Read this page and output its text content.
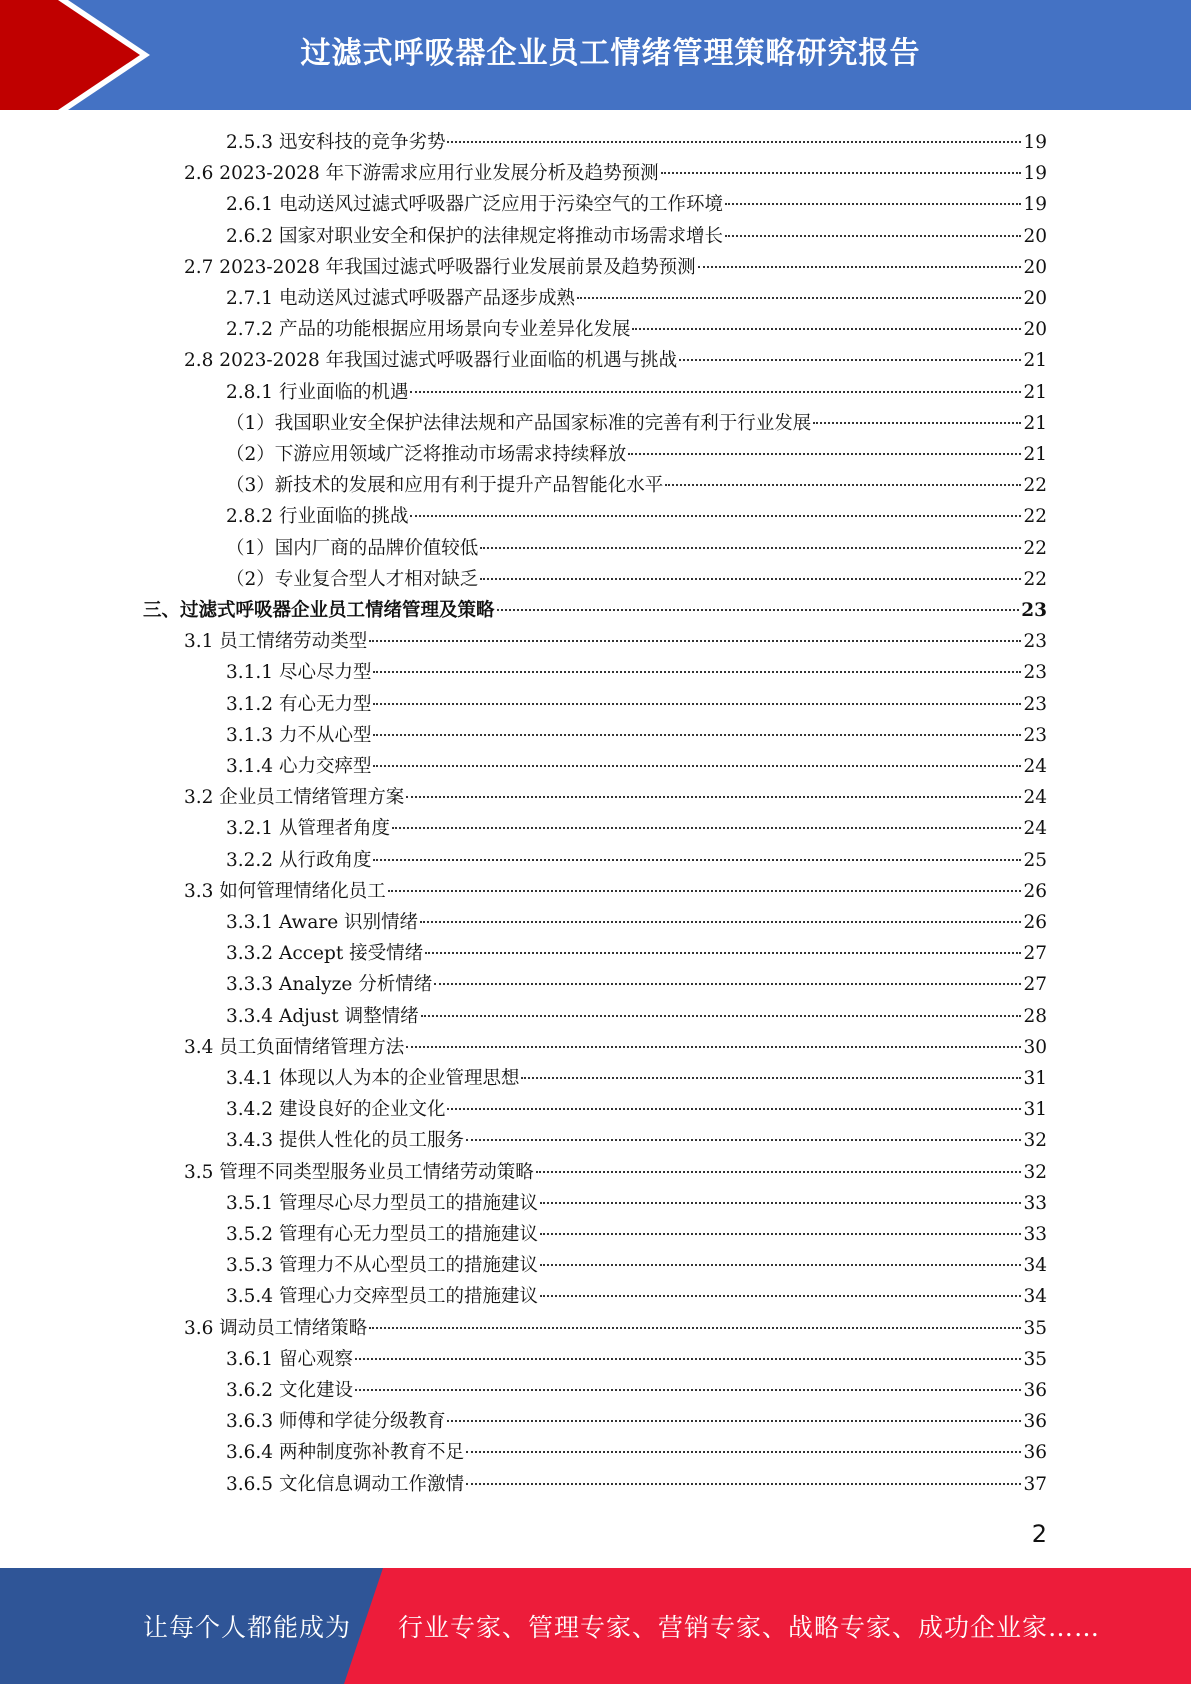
过滤式呼吸器企业员工情绪管理策略研究报告
2.5.3 迅安科技的竞争劣势	19
2.6 2023-2028 年下游需求应用行业发展分析及趋势预测	19
2.6.1 电动送风过滤式呼吸器广泛应用于污染空气的工作环境	19
2.6.2 国家对职业安全和保护的法律规定将推动市场需求增长	20
2.7 2023-2028 年我国过滤式呼吸器行业发展前景及趋势预测	20
2.7.1 电动送风过滤式呼吸器产品逐步成熟	20
2.7.2 产品的功能根据应用场景向专业差异化发展	20
2.8 2023-2028 年我国过滤式呼吸器行业面临的机遇与挑战	21
2.8.1 行业面临的机遇	21
（1）我国职业安全保护法律法规和产品国家标准的完善有利于行业发展	21
（2）下游应用领域广泛将推动市场需求持续释放	21
（3）新技术的发展和应用有利于提升产品智能化水平	22
2.8.2 行业面临的挑战	22
（1）国内厂商的品牌价值较低	22
（2）专业复合型人才相对缺乏	22
三、过滤式呼吸器企业员工情绪管理及策略	23
3.1 员工情绪劳动类型	23
3.1.1 尽心尽力型	23
3.1.2 有心无力型	23
3.1.3 力不从心型	23
3.1.4 心力交瘁型	24
3.2 企业员工情绪管理方案	24
3.2.1 从管理者角度	24
3.2.2 从行政角度	25
3.3 如何管理情绪化员工	26
3.3.1 Aware 识别情绪	26
3.3.2 Accept 接受情绪	27
3.3.3 Analyze 分析情绪	27
3.3.4 Adjust 调整情绪	28
3.4 员工负面情绪管理方法	30
3.4.1 体现以人为本的企业管理思想	31
3.4.2 建设良好的企业文化	31
3.4.3 提供人性化的员工服务	32
3.5 管理不同类型服务业员工情绪劳动策略	32
3.5.1 管理尽心尽力型员工的措施建议	33
3.5.2 管理有心无力型员工的措施建议	33
3.5.3 管理力不从心型员工的措施建议	34
3.5.4 管理心力交瘁型员工的措施建议	34
3.6 调动员工情绪策略	35
3.6.1 留心观察	35
3.6.2 文化建设	36
3.6.3 师傅和学徒分级教育	36
3.6.4 两种制度弥补教育不足	36
3.6.5 文化信息调动工作激情	37
2
让每个人都能成为 行业专家、管理专家、营销专家、战略专家、成功企业家……
